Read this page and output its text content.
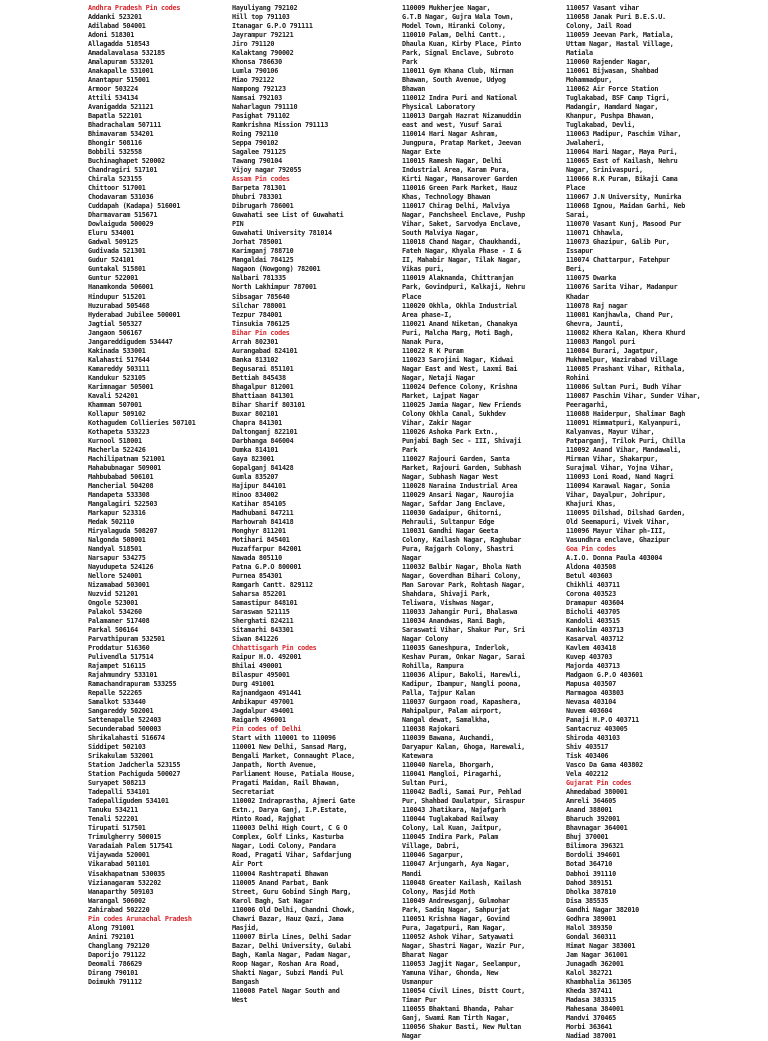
Andhra Pradesh Pin codes
Addanki 523201
Adilabad 504001
Adoni 518301
Allagadda 518543
Amadalavalasa 532185
Amalapuram 533201
Anakapalle 531001
Anantapur 515001
Armoor 503224
Attili 534134
Avanigadda 521121
Bapatla 522101
Bhadrachalam 507111
Bhimavaram 534201
Bhongir 508116
Bobbili 532558
Buchinaghapet 520002
Chandragiri 517101
Chirala 523155
Chittoor 517001
Chodavaram 531036
Cuddapah (Kadapa) 516001
Dharmavaram 515671
Dowlaiguda 500029
Eluru 534001
Gadwal 509125
Gudivada 521301
Gudur 524101
Guntakal 515801
Guntur 522001
Hanamkonda 506001
Hindupur 515201
Huzurabad 505468
Hyderabad Jubilee 500001
Jagtial 505327
Jangaon 506167
Jangareddigudem 534447
Kakinada 533001
Kalahasti 517644
Kamareddy 503111
Kandukur 523105
Karimnagar 505001
Kavali 524201
Khammam 507001
Kollapur 509102
Kothagudem Collieries 507101
Kothapeta 533223
Kurnool 518001
Macherla 522426
Machilipatnam 521001
Mahabubnagar 509001
Mahbubabad 506101
Mancherial 504208
Mandapeta 533308
Mangalagiri 522503
Markapur 523316
Medak 502110
Miryalaguda 508207
Nalgonda 508001
Nandyal 518501
Narsapur 534275
Nayudupeta 524126
Nellore 524001
Nizamabad 503001
Nuzvid 521201
Ongole 523001
Palakol 534260
Palamaner 517408
Parkal 506164
Parvathipuram 532501
Proddatur 516360
Pulivendla 517514
Rajampet 516115
Rajahmundry 533101
Ramachandrapuram 533255
Repalle 522265
Samalkot 533440
Sangareddy 502001
Sattenapalle 522403
Secunderabad 500003
Shrikalahasti 516674
Siddipet 502103
Srikakulam 532001
Station Jadcherla 523155
Station Pachiguda 500027
Suryapet 508213
Tadepalli 534101
Tadepalligudem 534101
Tanuku 534211
Tenali 522201
Tirupati 517501
Trimulgherry 500015
Varadaiah Palem 517541
Vijaywada 520001
Vikarabad 501101
Visakhapatnam 530035
Vizianagaram 532202
Wanaparthy 509103
Warangal 506002
Zahirabad 502220
Pin codes Arunachal Pradesh
Along 791001
Anini 792101
Changlang 792120
Daporijo 791122
Deomali 786629
Dirang 790101
Doimukh 791112
Hayuliyang 792102
Hill top 791103
Itanagar G.P.O 791111
Jayrampur 792121
Jiro 791120
Kalaktang 790002
Khonsa 786630
Lumla 790106
Miao 792122
Nampong 792123
Namsai 792103
Naharlagun 791110
Pasighat 791102
Ramkrishna Mission 791113
Roing 792110
Seppa 790102
Sagalee 791125
Tawang 790104
Vijoy nagar 792055
Assam Pin codes
Barpeta 781301
Dhubri 783301
Dibrugarh 786001
Guwahati see List of Guwahati
PIN
Guwahati University 781014
Jorhat 785001
Karimganj 788710
Mangaldai 784125
Nagaon (Nowgong) 782001
Nalbari 781335
North Lakhimpur 787001
Sibsagar 785640
Silchar 788001
Tezpur 784001
Tinsukia 786125
Bihar Pin codes
Arrah 802301
Aurangabad 824101
Banka 813102
Begusarai 851101
Bettiah 845438
Bhagalpur 812001
Bhattiaan 841301
Bihar Sharif 803101
Buxar 802101
Chapra 841301
Daltonganj 822101
Darbhanga 846004
Dumka 814101
Gaya 823001
Gopalganj 841428
Gumla 835207
Hajipur 844101
Hinoo 834002
Katihar 854105
Madhubani 847211
Marhowrah 841418
Monghyr 811201
Motihari 845401
Muzaffarpur 842001
Nawada 805110
Patna G.P.O 800001
Purnea 854301
Ramgarh Cantt. 829112
Saharsa 852201
Samastipur 848101
Saraswan 521115
Sherghati 824211
Sitamarhi 843301
Siwan 841226
Chhattisgarh Pin codes
Raipur H.O. 492001
Bhilai 490001
Bilaspur 495001
Durg 491001
Rajnandgaon 491441
Ambikapur 497001
Jagdalpur 494001
Raigarh 496001
Pin codes of Delhi
Start with 110001 to 110096
110001 New Delhi, Sansad Marg,
Bengali Market, Connaught Place,
Janpath, North Avenue,
Parliament House, Patiala House,
Pragati Maidan, Rail Bhawan,
Secretariat
110002 Indraprastha, Ajmeri Gate
Extn., Darya Ganj, I.P.Estate,
Minto Road, Rajghat
110003 Delhi High Court, C G O
Complex, Golf Links, Kasturba
Nagar, Lodi Colony, Pandara
Road, Pragati Vihar, Safdarjung
Air Port
110004 Rashtrapati Bhawan
110005 Anand Parbat, Bank
Street, Guru Gobind Singh Marg,
Karol Bagh, Sat Nagar
110006 Old Delhi, Chandni Chowk,
Chawri Bazar, Hauz Qazi, Jama
Masjid,
110007 Birla Lines, Delhi Sadar
Bazar, Delhi University, Gulabi
Bagh, Kamla Nagar, Padam Nagar,
Roop Nagar, Roshan Ara Road,
Shakti Nagar, Subzi Mandi Pul
Bangash
110008 Patel Nagar South and
West
110009 Mukherjee Nagar,
G.T.B Nagar, Gujra Wala Town,
Model Town, Hiranki Colony,
110010 Palam, Delhi Cantt.,
Dhaula Kuan, Kirby Place, Pinto
Park, Signal Enclave, Subroto
Park
110011 Gym Khana Club, Nirman
Bhawan, South Avenue, Udyog
Bhawan
110012 Indra Puri and National
Physical Laboratory
110013 Dargah Hazrat Nizamuddin
east and west, Yusuf Sarai
110014 Hari Nagar Ashram,
Jungpura, Pratap Market, Jeevan
Nagar Exte
110015 Ramesh Nagar, Delhi
Industrial Area, Karam Pura,
Kirti Nagar, Mansarover Garden
110016 Green Park Market, Hauz
Khas, Technology Bhawan
110017 Chirag Delhi, Malviya
Nagar, Panchsheel Enclave, Pushp
Vihar, Saket, Sarvodya Enclave,
South Malviya Nagar,
110018 Chand Nagar, Chaukhandi,
Fateh Nagar, Khyala Phase - I &
II, Mahabir Nagar, Tilak Nagar,
Vikas puri,
110019 Alaknanda, Chittranjan
Park, Govindpuri, Kalkaji, Nehru
Place
110020 Okhla, Okhla Industrial
Area phase-I,
110021 Anand Niketan, Chanakya
Puri, Malcha Marg, Moti Bagh,
Nanak Pura,
110022 R K Puram
110023 Sarojini Nagar, Kidwai
Nagar East and West, Laxmi Bai
Nagar, Netaji Nagar
110024 Defence Colony, Krishna
Market, Lajpat Nagar
110025 Jamia Nagar, New Friends
Colony Okhla Canal, Sukhdev
Vihar, Zakir Nagar
110026 Ashoka Park Extn.,
Punjabi Bagh Sec - III, Shivaji
Park
110027 Rajouri Garden, Santa
Market, Rajouri Garden, Subhash
Nagar, Subhash Nagar West
110028 Naraina Industrial Area
110029 Ansari Nagar, Naurojia
Nagar, Safdar Jang Enclave,
110030 Gadaipur, Ghitorni,
Mehrauli, Sultanpur Edge
110031 Gandhi Nagar Geeta
Colony, Kailash Nagar, Raghubar
Pura, Rajgarh Colony, Shastri
Nagar
110032 Balbir Nagar, Bhola Nath
Nagar, Goverdhan Bihari Colony,
Man Sarovar Park, Rohtash Nagar,
Shahdara, Shivaji Park,
Teliwara, Vishwas Nagar,
110033 Jahangir Puri, Bhalaswa
110034 Anandwas, Rani Bagh,
Saraswati Vihar, Shakur Pur, Sri
Nagar Colony
110035 Ganeshpura, Inderlok,
Keshav Puram, Onkar Nagar, Sarai
Rohilla, Rampura
110036 Alipur, Bakoli, Harewli,
Kadipur, Ibampur, Nangli poona,
Palla, Tajpur Kalan
110037 Gurgaon road, Kapashera,
Mahipalpur, Palam airport,
Nangal dewat, Samalkha,
110038 Rajokari
110039 Bawana, Auchandi,
Daryapur Kalan, Ghoga, Harewali,
Katewara
110040 Narela, Bhorgarh,
110041 Mangloi, Piragarhi,
Sultan Puri,
110042 Badli, Samai Pur, Pehlad
Pur, Shahbad Daulatpur, Siraspur
110043 Jhatikara, Najafgarh
110044 Tuglakabad Railway
Colony, Lal Kuan, Jaitpur,
110045 Indira Park, Palam
Village, Dabri,
110046 Sagarpur,
110047 Arjungarh, Aya Nagar,
Mandi
110048 Greater Kailash, Kailash
Colony, Masjid Moth
110049 Andrewsganj, Gulmohar
Park, Sadiq Nagar, Sahpurjat
110051 Krishna Nagar, Govind
Pura, Jagatpuri, Ram Nagar,
110052 Ashok Vihar, Satyawati
Nagar, Shastri Nagar, Wazir Pur,
Bharat Nagar
110053 Jagjit Nagar, Seelampur,
Yamuna Vihar, Ghonda, New
Usmanpur
110054 Civil Lines, Distt Court,
Timar Pur
110055 Bhaktani Bhanda, Pahar
Ganj, Swami Ram Tirth Nagar,
110056 Shakur Basti, New Multan
Nagar
110057 Vasant vihar
110058 Janak Puri B.E.S.U.
Colony, Jail Road
110059 Jeevan Park, Matiala,
Uttam Nagar, Hastal Village,
Matiala
110060 Rajender Nagar,
110061 Bijwasan, Shahbad
Mohammadpur,
110062 Air Force Station
Tuglakabad, BSF Camp Tigri,
Madangir, Hamdard Nagar,
Khanpur, Pushpa Bhawan,
Tuglakabad, Devli,
110063 Madipur, Paschim Vihar,
Jwalaheri,
110064 Hari Nagar, Maya Puri,
110065 East of Kailash, Nehru
Nagar, Srinivaspuri,
110066 R.K Puram, Bikaji Cama
Place
110067 J.N University, Munirka
110068 Ignou, Maidan Garhi, Neb
Sarai,
110070 Vasant Kunj, Masood Pur
110071 Chhawla,
110073 Ghazipur, Galib Pur,
Issapur
110074 Chattarpur, Fatehpur
Beri,
110075 Dwarka
110076 Sarita Vihar, Madanpur
Khadar
110078 Raj nagar
110081 Kanjhawla, Chand Pur,
Ghevra, Jaunti,
110082 Khera Kalan, Khera Khurd
110083 Mangol puri
110084 Burari, Jagatpur,
Mukhmelpur, Wazirabad Village
110085 Prashant Vihar, Rithala,
Rohini
110086 Sultan Puri, Budh Vihar
110087 Paschim Vihar, Sunder Vihar,
Peeragarhi,
110088 Haiderpur, Shalimar Bagh
110091 Himmatpuri, Kalyanpuri,
Kalyanvas, Mayur Vihar,
Patparganj, Trilok Puri, Chilla
110092 Anand Vihar, Mandawali,
Mirman Vihar, Shakarpur,
Surajmal Vihar, Yojna Vihar,
110093 Loni Road, Nand Nagri
110094 Karawal Nagar, Sonia
Vihar, Dayalpur, Johripur,
Khajuri Khas,
110095 Dilshad, Dilshad Garden,
Old Seemapuri, Vivek Vihar,
110096 Mayur Vihar ph-III,
Vasundhra enclave, Ghazipur
Goa Pin codes
A.I.O. Donna Paula 403004
Aldona 403508
Betul 403603
Chikhli 403711
Corona 403523
Dramapur 403604
Bicholi 403705
Kandoli 403515
Kankolim 403713
Kasarval 403712
Kavlem 403418
Kuvep 403703
Majorda 403713
Madgaon G.P.O 403601
Mapusa 403507
Marmagoa 403803
Nevasa 403104
Nuvem 403604
Panaji H.P.O 403711
Santacruz 403005
Shiroda 403103
Shiv 403517
Tisk 403406
Vasco Da Gama 403802
Vela 402212
Gujarat Pin codes
Ahmedabad 380001
Amreli 364605
Anand 388001
Bharuch 392001
Bhavnagar 364001
Bhuj 370001
Bilimora 396321
Bordoli 394601
Botad 364710
Dabhoi 391110
Dahod 389151
Dholka 387810
Disa 385535
Gandhi Nagar 382010
Godhra 389001
Halol 389350
Gondal 360311
Himat Nagar 383001
Jam Nagar 361001
Junagadh 362001
Kalol 382721
Khambhalia 361305
Kheda 387411
Madasa 383315
Mahesana 384001
Mandvi 370465
Morbi 363641
Nadiad 387001
